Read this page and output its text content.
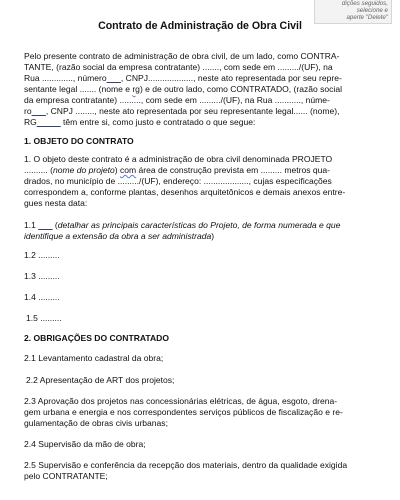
dições seguidos, selecione e
aperte "Delete"
Contrato de Administração de Obra Civil
Pelo presente contrato de administração de obra civil, de um lado, como CONTRA-
TANTE, (razão social da empresa contratante) ......., com sede em ........./(UF), na
Rua ............., número___, CNPJ..................., neste ato representada por seu repre-
sentante legal ....... (nome e rg) e de outro lado, como CONTRATADO, (razão social
da empresa contratante) ........., com sede em ........./(UF), na Rua ..........., núme-
ro___, CNPJ ........, neste ato representada por seu representante legal...... (nome),
RG_____ têm entre si, como justo e contratado o que segue:
1. OBJETO DO CONTRATO
1. O objeto deste contrato é a administração de obra civil denominada PROJETO
.......... (nome do projeto) com área de construção prevista em ......... metros qua-
drados, no município de ........./(UF), endereço: ..................., cujas especificações
correspondem a, conforme plantas, desenhos arquitetônicos e demais anexos entre-
gues nesta data:
1.1 ___ (detalhar as principais características do Projeto, de forma numerada e que
identifique a extensão da obra a ser administrada)
1.2 .........
1.3 .........
1.4 .........
1.5 .........
2. OBRIGAÇÕES DO CONTRATADO
2.1 Levantamento cadastral da obra;
2.2 Apresentação de ART dos projetos;
2.3 Aprovação dos projetos nas concessionárias elétricas, de água, esgoto, drena-
gem urbana e energia e nos correspondentes serviços públicos de fiscalização e re-
gulamentação de obras civis urbanas;
2.4 Supervisão da mão de obra;
2.5 Supervisão e conferência da recepção dos materiais, dentro da qualidade exigida
pelo CONTRATANTE;
